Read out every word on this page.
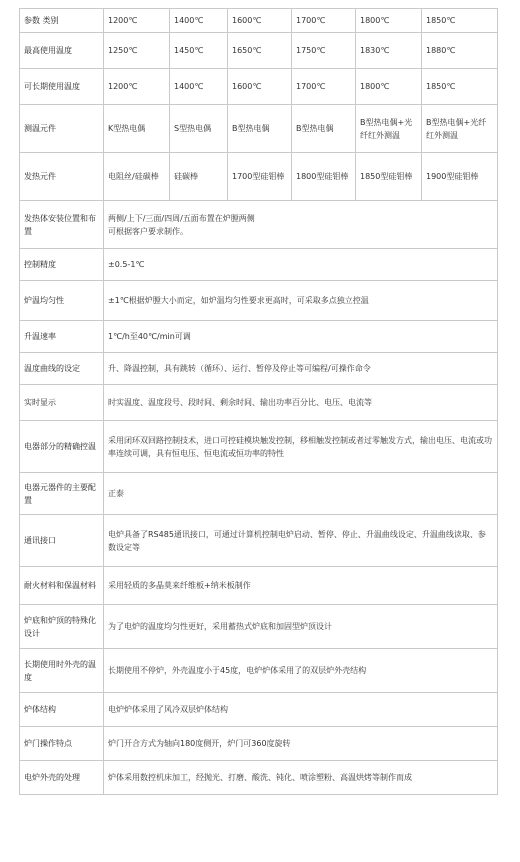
参数 类别	1200℃	1400℃	1600℃	1700℃	1800℃	1850℃
最高使用温度	1250℃	1450℃	1650℃	1750℃	1830℃	1880℃
可长期使用温度	1200℃	1400℃	1600℃	1700℃	1800℃	1850℃
测温元件	K型热电偶	S型热电偶	B型热电偶	B型热电偶	B型热电偶+光纤红外测温	B型热电偶+光纤红外测温
发热元件	电阻丝/硅碳棒	硅碳棒	1700型硅钼棒	1800型硅钼棒	1850型硅钼棒	1900型硅钼棒
发热体安装位置和布置	两侧/上下/三面/四周/五面布置在炉膛两侧
可根据客户要求制作。					

控制精度	±0.5-1℃					

炉温均匀性	±1℃根据炉膛大小而定，如炉温均匀性要求更高时，可采取多点独立控温					

升温速率	1℃/h至40℃/min可调					

温度曲线的设定	升、降温控制，具有跳转（循环）、运行、暂停及停止等可编程/可操作命令					

实时显示	时实温度、温度段号、段时间、剩余时间、输出功率百分比、电压、电流等					

电器部分的精确控温	采用闭环双回路控制技术，进口可控硅模块触发控制，移相触发控制或者过零触发方式，输出电压、电流或功率连续可调，具有恒电压、恒电流或恒功率的特性					

电器元器件的主要配置	正泰					

通讯接口	电炉具备了RS485通讯接口，可通过计算机控制电炉启动、暂停、停止、升温曲线设定、升温曲线读取、参数设定等					

耐火材料和保温材料	采用轻质的多晶莫来纤维板+纳米板制作					

炉底和炉顶的特殊化设计	为了电炉的温度均匀性更好，采用蓄热式炉底和加固型炉顶设计					

长期使用时外壳的温度	长期使用不停炉，外壳温度小于45度，电炉炉体采用了的双层炉外壳结构					

炉体结构	电炉炉体采用了风冷双层炉体结构					

炉门操作特点	炉门开合方式为轴向180度侧开，炉门可360度旋转					

电炉外壳的处理	炉体采用数控机床加工，经抛光、打磨、酸洗、钝化、喷涂塑粉、高温烘烤等制作而成					
